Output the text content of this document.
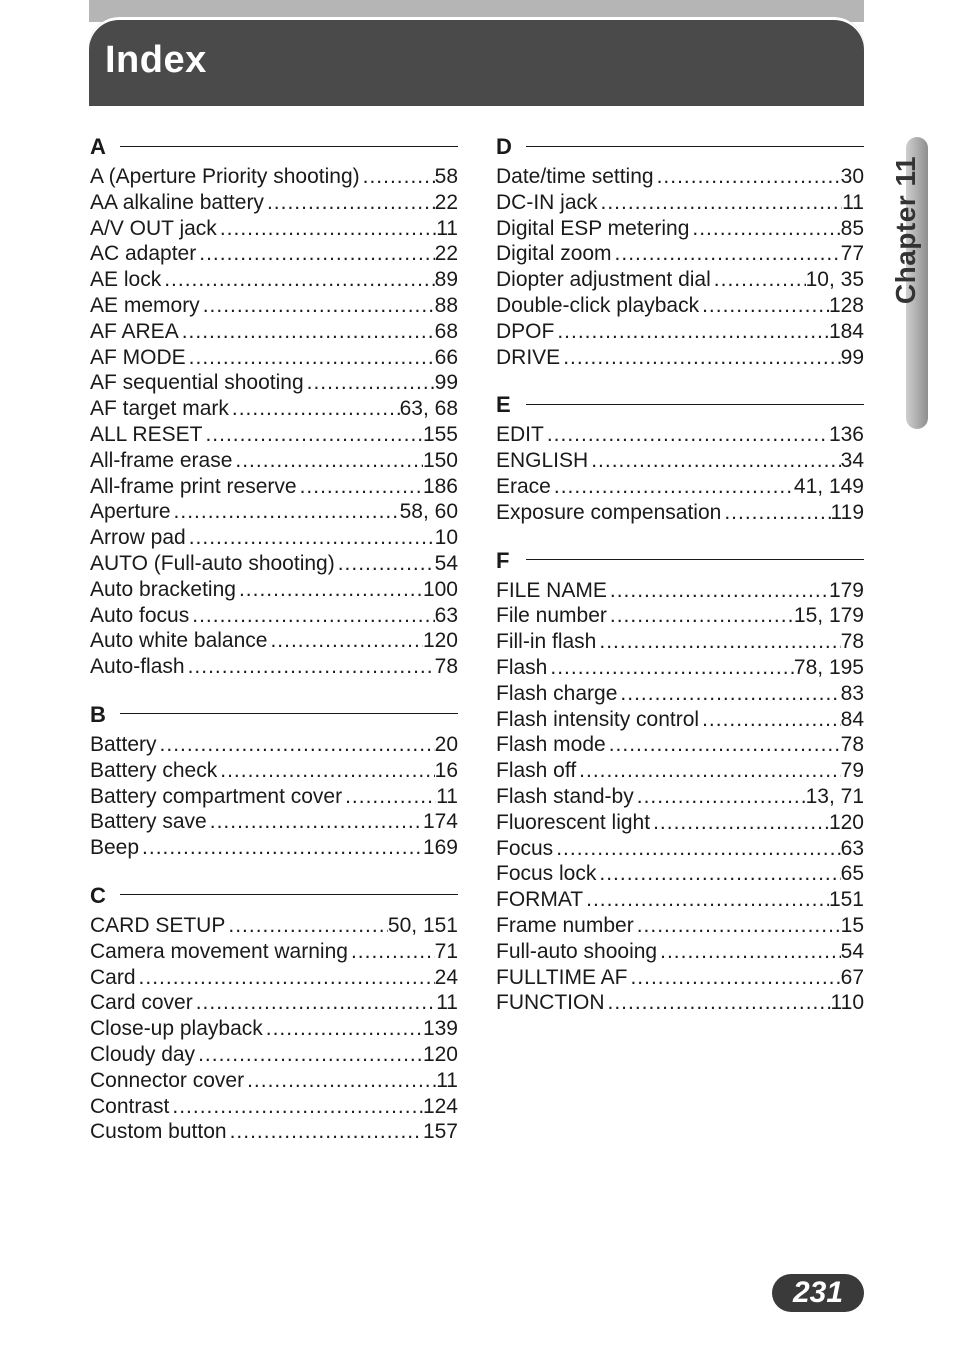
Index
A
A (Aperture Priority shooting) .....	58
AA alkaline battery .....	22
A/V OUT jack .....	11
AC adapter .....	22
AE lock .....	89
AE memory .....	88
AF AREA .....	68
AF MODE .....	66
AF sequential shooting .....	99
AF target mark .....	63, 68
ALL RESET .....	155
All-frame erase .....	150
All-frame print reserve .....	186
Aperture .....	58, 60
Arrow pad .....	10
AUTO (Full-auto shooting) .....	54
Auto bracketing .....	100
Auto focus .....	63
Auto white balance .....	120
Auto-flash .....	78
B
Battery .....	20
Battery check .....	16
Battery compartment cover .....	11
Battery save .....	174
Beep .....	169
C
CARD SETUP .....	50, 151
Camera movement warning .....	71
Card .....	24
Card cover .....	11
Close-up playback .....	139
Cloudy day .....	120
Connector cover .....	11
Contrast .....	124
Custom button .....	157
D
Date/time setting .....	30
DC-IN jack .....	11
Digital ESP metering .....	85
Digital zoom .....	77
Diopter adjustment dial .....	10, 35
Double-click playback .....	128
DPOF .....	184
DRIVE .....	99
E
EDIT .....	136
ENGLISH .....	34
Erace .....	41, 149
Exposure compensation .....	119
F
FILE NAME .....	179
File number .....	15, 179
Fill-in flash .....	78
Flash .....	78, 195
Flash charge .....	83
Flash intensity control .....	84
Flash mode .....	78
Flash off .....	79
Flash stand-by .....	13, 71
Fluorescent light .....	120
Focus .....	63
Focus lock .....	65
FORMAT .....	151
Frame number .....	15
Full-auto shooing .....	54
FULLTIME AF .....	67
FUNCTION .....	110
Chapter 11
231
